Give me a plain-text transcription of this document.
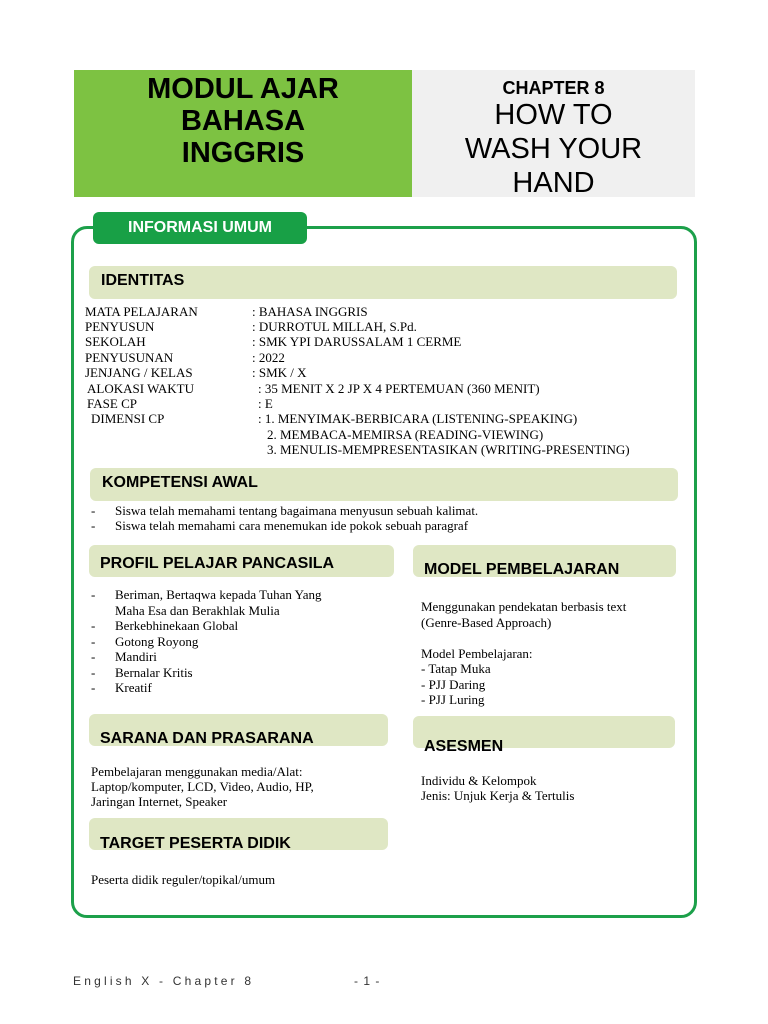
MODUL AJAR
BAHASA
INGGRIS
CHAPTER 8
HOW TO
WASH YOUR
HAND
INFORMASI UMUM
IDENTITAS
MATA PELAJARAN	: BAHASA INGGRIS
PENYUSUN	: DURROTUL MILLAH, S.Pd.
SEKOLAH	: SMK YPI DARUSSALAM 1 CERME
PENYUSUNAN	: 2022
JENJANG / KELAS	: SMK / X
ALOKASI WAKTU	: 35 MENIT X 2 JP X 4 PERTEMUAN (360 MENIT)
FASE CP	: E
DIMENSI CP	: 1. MENYIMAK-BERBICARA (LISTENING-SPEAKING)
2. MEMBACA-MEMIRSA (READING-VIEWING)
3. MENULIS-MEMPRESENTASIKAN (WRITING-PRESENTING)
KOMPETENSI AWAL
- Siswa telah memahami tentang bagaimana menyusun sebuah kalimat.
- Siswa telah memahami cara menemukan ide pokok sebuah paragraf
PROFIL PELAJAR PANCASILA
- Beriman, Bertaqwa kepada Tuhan Yang
Maha Esa dan Berakhlak Mulia
- Berkebhinekaan Global
- Gotong Royong
- Mandiri
- Bernalar Kritis
- Kreatif
MODEL PEMBELAJARAN
Menggunakan pendekatan berbasis text
(Genre-Based Approach)
Model Pembelajaran:
- Tatap Muka
- PJJ Daring
- PJJ Luring
SARANA DAN PRASARANA
Pembelajaran menggunakan media/Alat:
Laptop/komputer, LCD, Video, Audio, HP,
Jaringan Internet, Speaker
ASESMEN
Individu & Kelompok
Jenis: Unjuk Kerja & Tertulis
TARGET PESERTA DIDIK
Peserta didik reguler/topikal/umum
English X - Chapter 8	- 1 -
